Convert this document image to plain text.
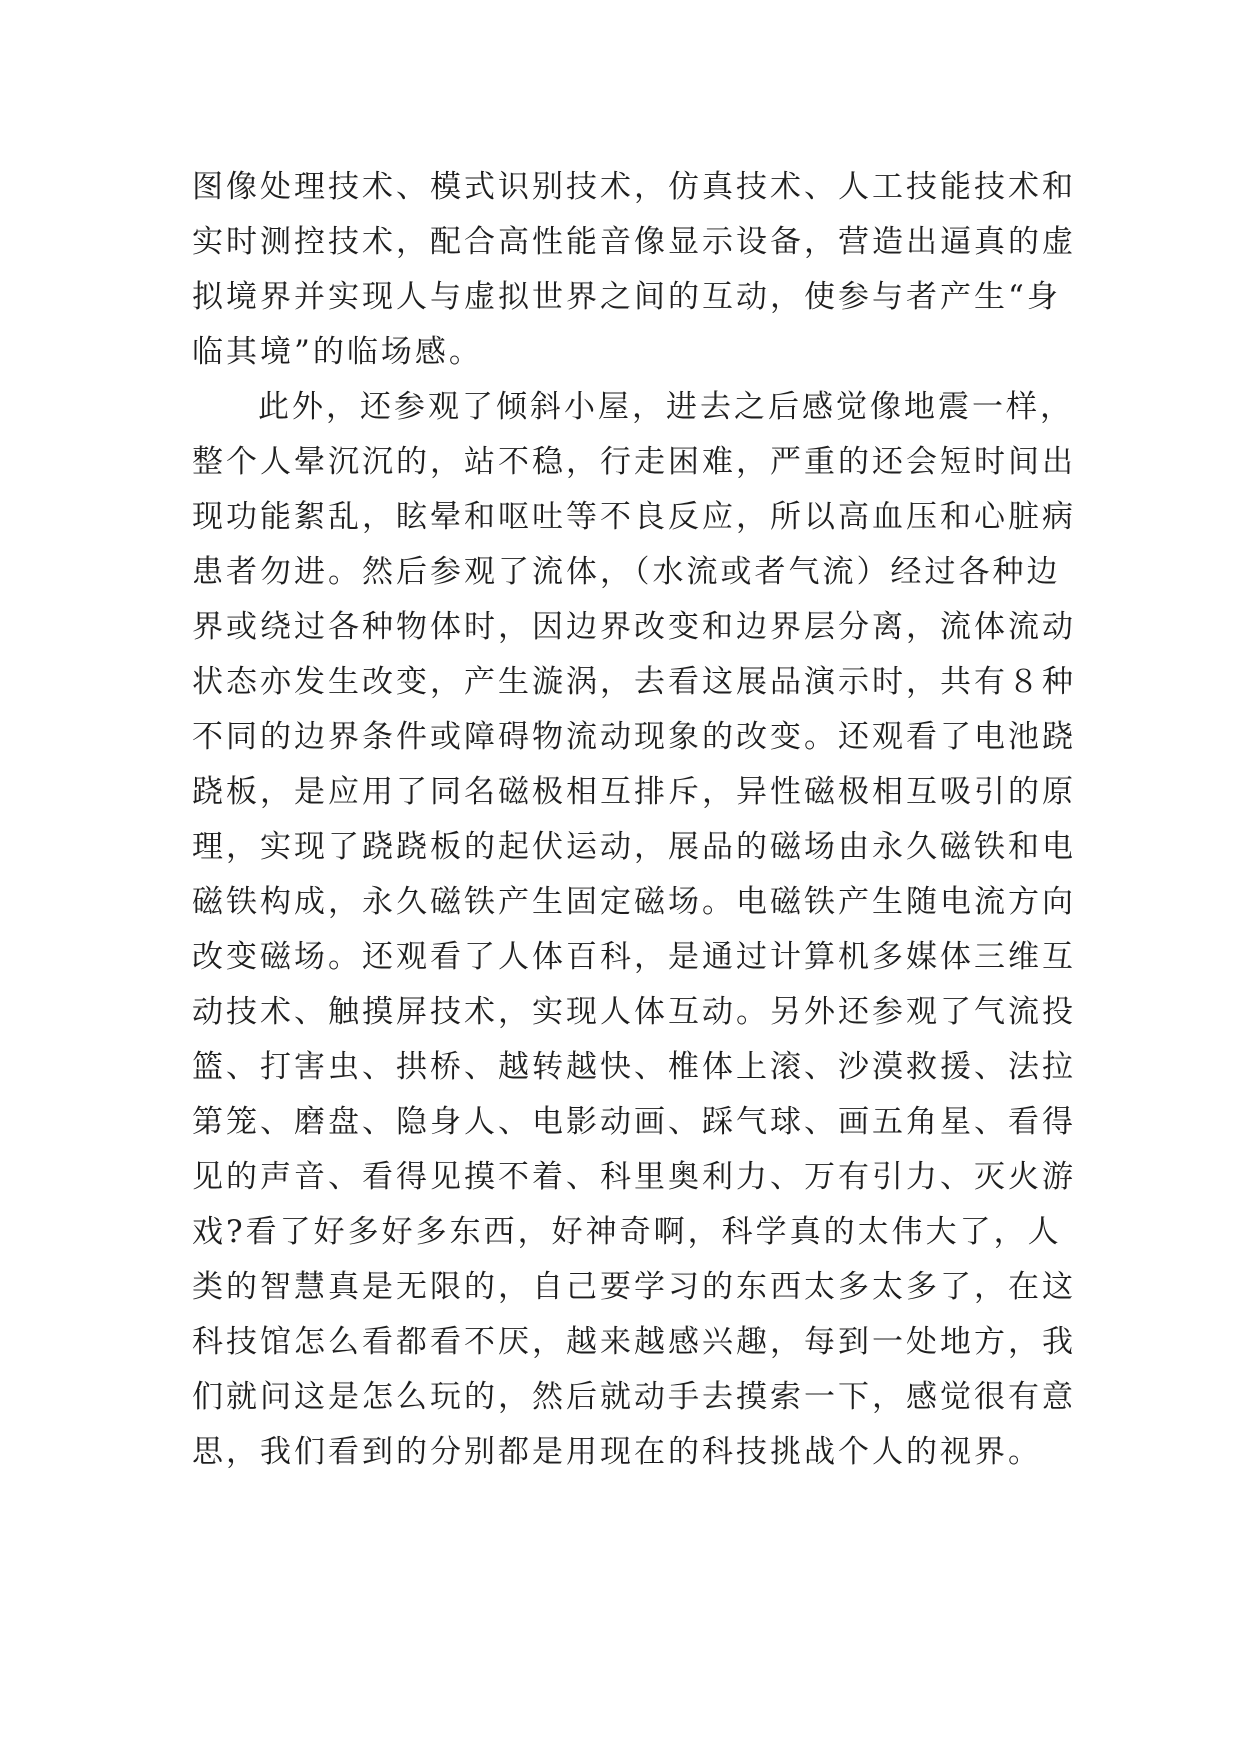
图像处理技术、模式识别技术，仿真技术、人工技能技术和
实时测控技术，配合高性能音像显示设备，营造出逼真的虚
拟境界并实现人与虚拟世界之间的互动，使参与者产生“身
临其境”的临场感。
此外，还参观了倾斜小屋，进去之后感觉像地震一样，
整个人晕沉沉的，站不稳，行走困难，严重的还会短时间出
现功能絮乱，眩晕和呕吐等不良反应，所以高血压和心脏病
患者勿进。然后参观了流体，（水流或者气流）经过各种边
界或绕过各种物体时，因边界改变和边界层分离，流体流动
状态亦发生改变，产生漩涡，去看这展品演示时，共有８种
不同的边界条件或障碍物流动现象的改变。还观看了电池跷
跷板，是应用了同名磁极相互排斥，异性磁极相互吸引的原
理，实现了跷跷板的起伏运动，展品的磁场由永久磁铁和电
磁铁构成，永久磁铁产生固定磁场。电磁铁产生随电流方向
改变磁场。还观看了人体百科，是通过计算机多媒体三维互
动技术、触摸屏技术，实现人体互动。另外还参观了气流投
篮、打害虫、拱桥、越转越快、椎体上滚、沙漠救援、法拉
第笼、磨盘、隐身人、电影动画、踩气球、画五角星、看得
见的声音、看得见摸不着、科里奥利力、万有引力、灭火游
戏?看了好多好多东西，好神奇啊，科学真的太伟大了，人
类的智慧真是无限的，自己要学习的东西太多太多了，在这
科技馆怎么看都看不厌，越来越感兴趣，每到一处地方，我
们就问这是怎么玩的，然后就动手去摸索一下，感觉很有意
思，我们看到的分别都是用现在的科技挑战个人的视界。
